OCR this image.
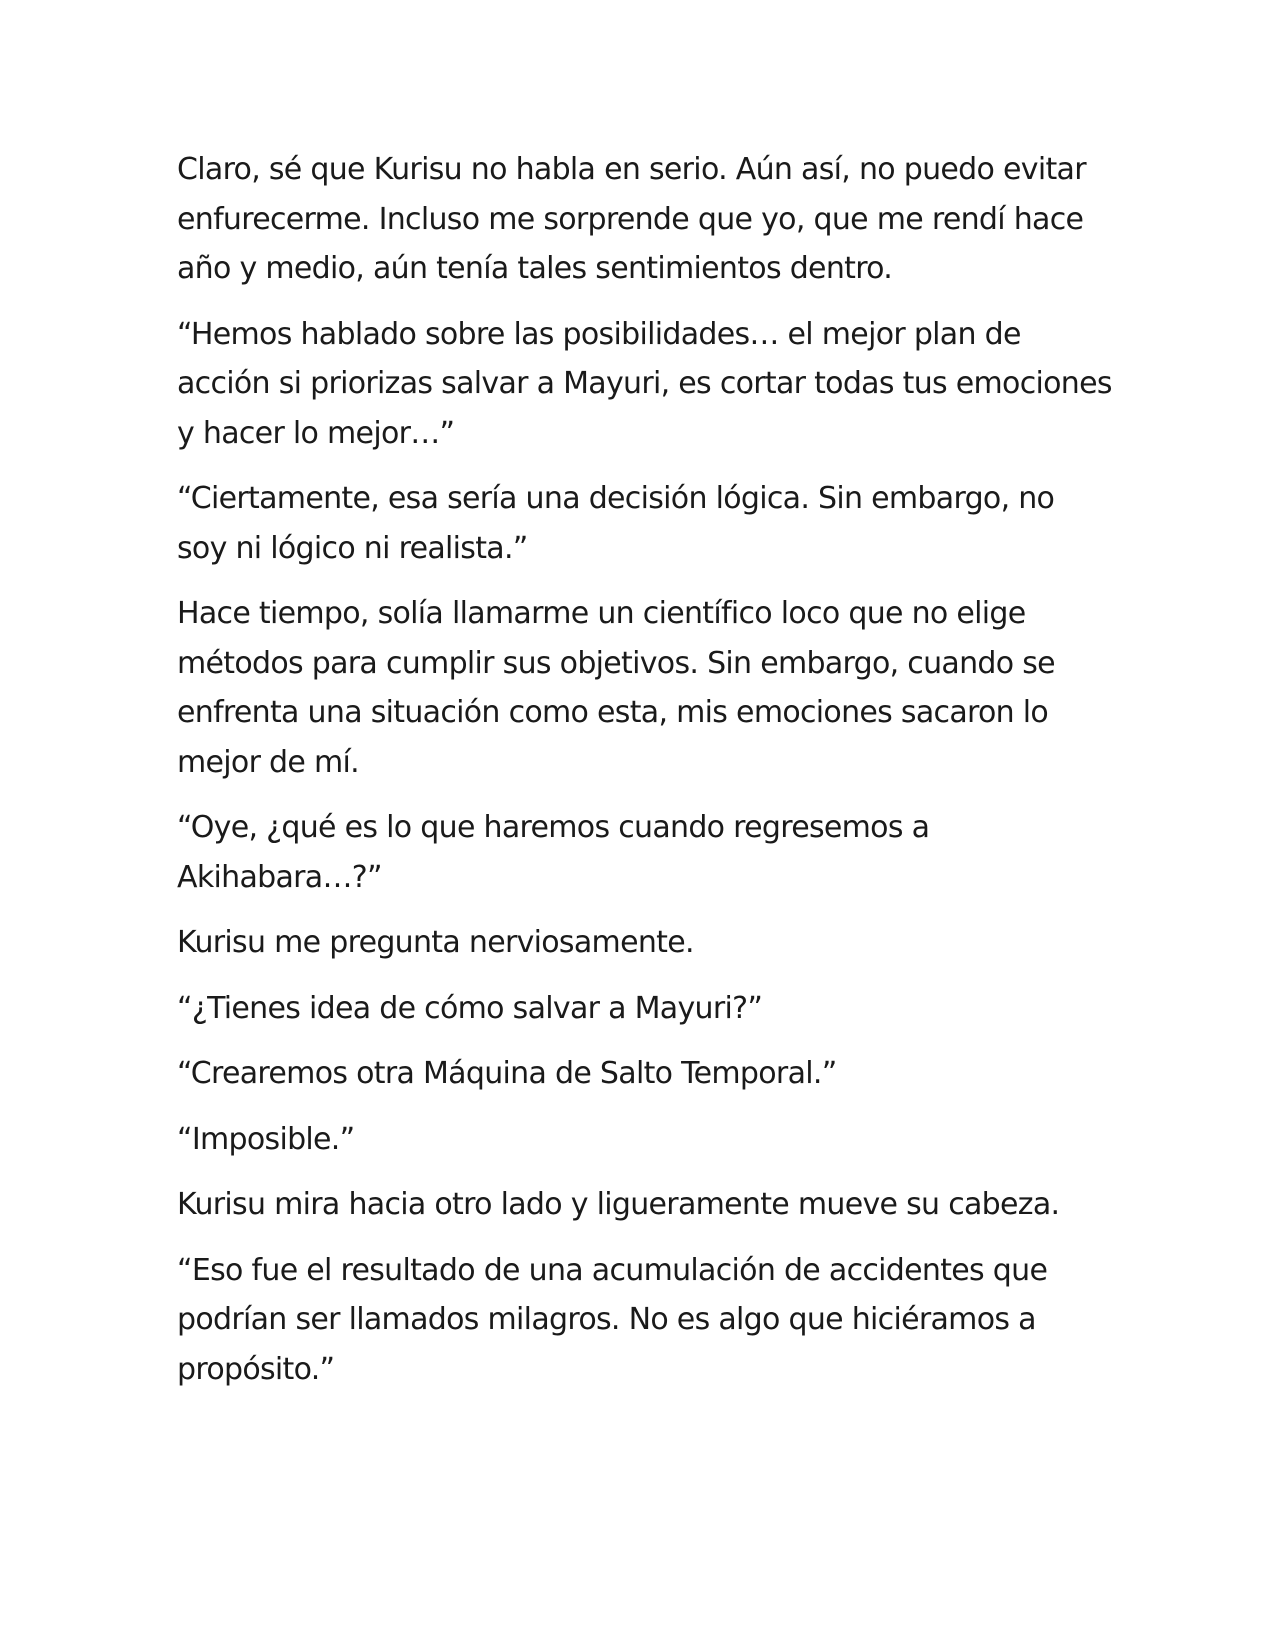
Claro, sé que Kurisu no habla en serio. Aún así, no puedo evitar enfurecerme. Incluso me sorprende que yo, que me rendí hace año y medio, aún tenía tales sentimientos dentro.

“Hemos hablado sobre las posibilidades… el mejor plan de acción si priorizas salvar a Mayuri, es cortar todas tus emociones y hacer lo mejor…”

“Ciertamente, esa sería una decisión lógica. Sin embargo, no soy ni lógico ni realista.”

Hace tiempo, solía llamarme un científico loco que no elige métodos para cumplir sus objetivos. Sin embargo, cuando se enfrenta una situación como esta, mis emociones sacaron lo mejor de mí.

“Oye, ¿qué es lo que haremos cuando regresemos a Akihabara…?”

Kurisu me pregunta nerviosamente.

“¿Tienes idea de cómo salvar a Mayuri?”

“Crearemos otra Máquina de Salto Temporal.”

“Imposible.”

Kurisu mira hacia otro lado y ligueramente mueve su cabeza.

“Eso fue el resultado de una acumulación de accidentes que podrían ser llamados milagros. No es algo que hiciéramos a propósito.”
